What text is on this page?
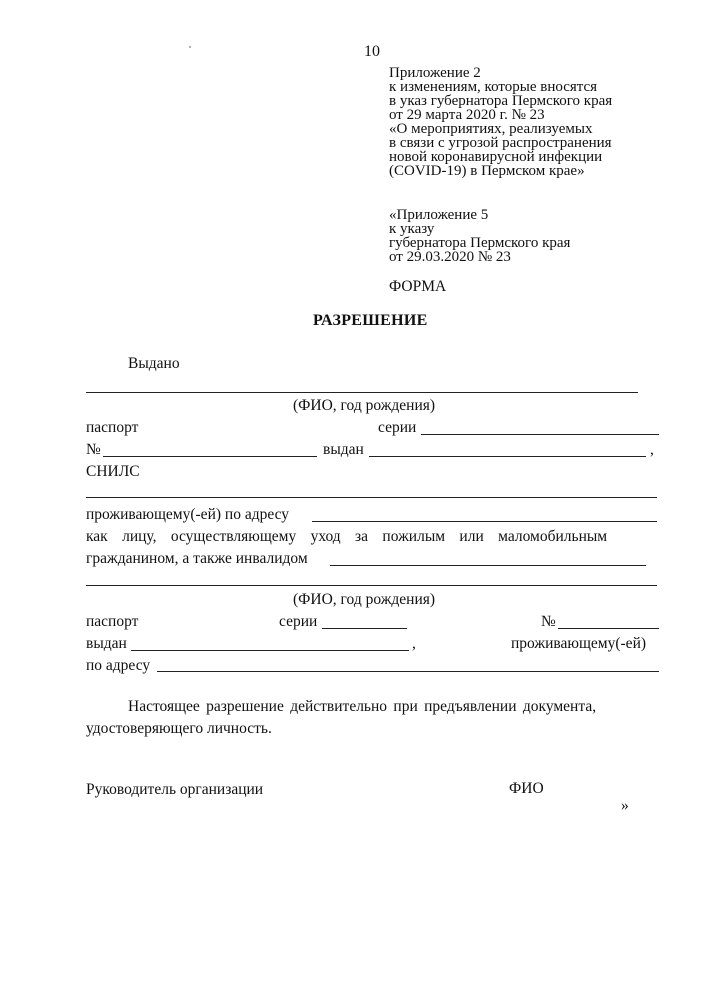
10
Приложение 2
к изменениям, которые вносятся
в указ губернатора Пермского края
от 29 марта 2020 г. № 23
«О мероприятиях, реализуемых
в связи с угрозой распространения
новой коронавирусной инфекции
(COVID-19) в Пермском крае»
«Приложение 5
к указу
губернатора Пермского края
от 29.03.2020 № 23
ФОРМА
РАЗРЕШЕНИЕ
Выдано
(ФИО, год рождения)
паспорт	серии
№	выдан	,
СНИЛС
проживающему(-ей) по адресу
как лицу, осуществляющему уход за пожилым или маломобильным
гражданином, а также инвалидом
(ФИО, год рождения)
паспорт	серии	№
выдан	,	проживающему(-ей)
по адресу
Настоящее разрешение действительно при предъявлении документа,
удостоверяющего личность.
Руководитель организации	ФИО
»
